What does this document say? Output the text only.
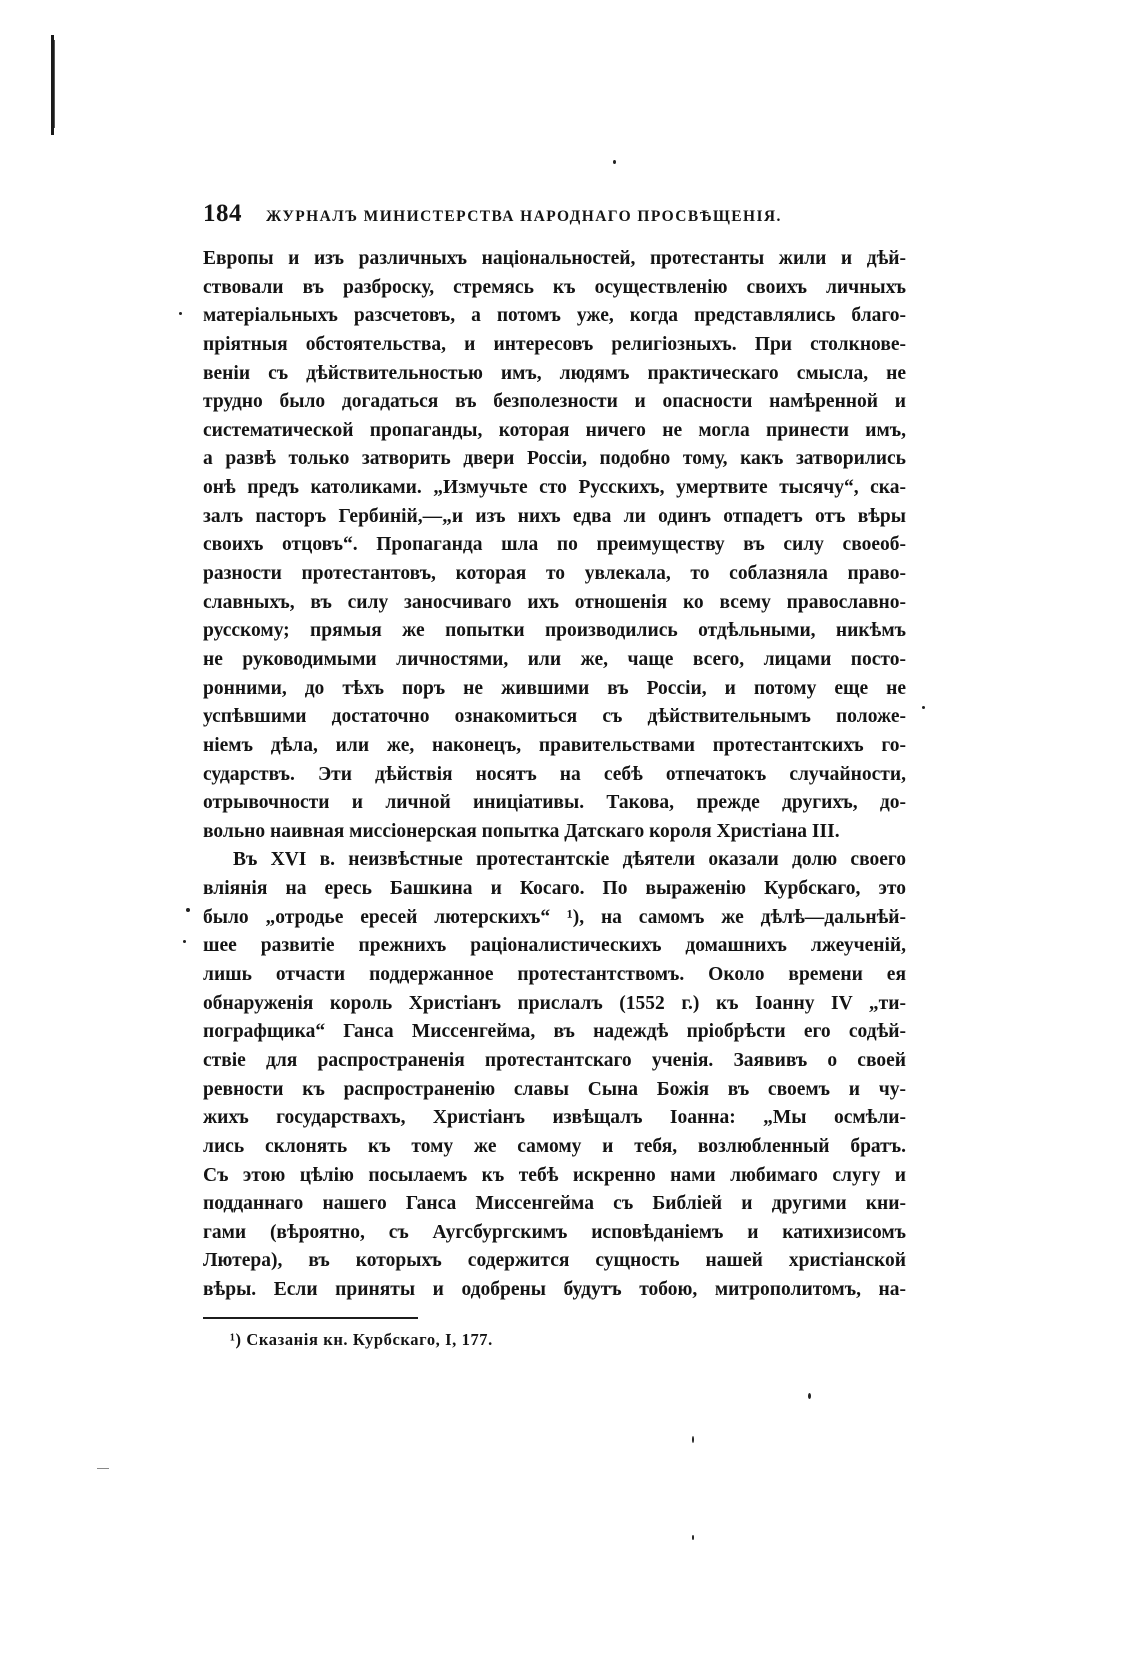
184 ЖУРНАЛЪ МИНИСТЕРСТВА НАРОДНАГО ПРОСВѢЩЕНІЯ.
Европы и изъ различныхъ національностей, протестанты жили и дѣй-
ствовали въ разброску, стремясь къ осуществленію своихъ личныхъ
матеріальныхъ разсчетовъ, а потомъ уже, когда представлялись благо-
пріятныя обстоятельства, и интересовъ религіозныхъ. При столкнове-
веніи съ дѣйствительностью имъ, людямъ практическаго смысла, не
трудно было догадаться въ безполезности и опасности намѣренной и
систематической пропаганды, которая ничего не могла принести имъ,
а развѣ только затворить двери Россіи, подобно тому, какъ затворились
онѣ предъ католиками. „Измучьте сто Русскихъ, умертвите тысячу“, ска-
залъ пасторъ Гербиній,—„и изъ нихъ едва ли одинъ отпадетъ отъ вѣры
своихъ отцовъ“. Пропаганда шла по преимуществу въ силу своеоб-
разности протестантовъ, которая то увлекала, то соблазняла право-
славныхъ, въ силу заносчиваго ихъ отношенія ко всему православно-
русскому; прямыя же попытки производились отдѣльными, никѣмъ
не руководимыми личностями, или же, чаще всего, лицами посто-
ронними, до тѣхъ поръ не жившими въ Россіи, и потому еще не
успѣвшими достаточно ознакомиться съ дѣйствительнымъ положе-
ніемъ дѣла, или же, наконецъ, правительствами протестантскихъ го-
сударствъ. Эти дѣйствія носятъ на себѣ отпечатокъ случайности,
отрывочности и личной иниціативы. Такова, прежде другихъ, до-
вольно наивная миссіонерская попытка Датскаго короля Христіана III.
Въ XVI в. неизвѣстные протестантскіе дѣятели оказали долю своего
вліянія на ересь Башкина и Косаго. По выраженію Курбскаго, это
было „отродье ересей лютерскихъ“ ¹), на самомъ же дѣлѣ—дальнѣй-
шее развитіе прежнихъ раціоналистическихъ домашнихъ лжеученій,
лишь отчасти поддержанное протестантствомъ. Около времени ея
обнаруженія король Христіанъ прислалъ (1552 г.) къ Іоанну IV „ти-
пографщика“ Ганса Миссенгейма, въ надеждѣ пріобрѣсти его содѣй-
ствіе для распространенія протестантскаго ученія. Заявивъ о своей
ревности къ распространенію славы Сына Божія въ своемъ и чу-
жихъ государствахъ, Христіанъ извѣщалъ Іоанна: „Мы осмѣли-
лись склонять къ тому же самому и тебя, возлюбленный братъ.
Съ этою цѣлію посылаемъ къ тебѣ искренно нами любимаго слугу и
подданнаго нашего Ганса Миссенгейма съ Библіей и другими кни-
гами (вѣроятно, съ Аугсбургскимъ исповѣданіемъ и катихизисомъ
Лютера), въ которыхъ содержится сущность нашей христіанской
вѣры. Если приняты и одобрены будутъ тобою, митрополитомъ, на-
¹) Сказанія кн. Курбскаго, I, 177.
